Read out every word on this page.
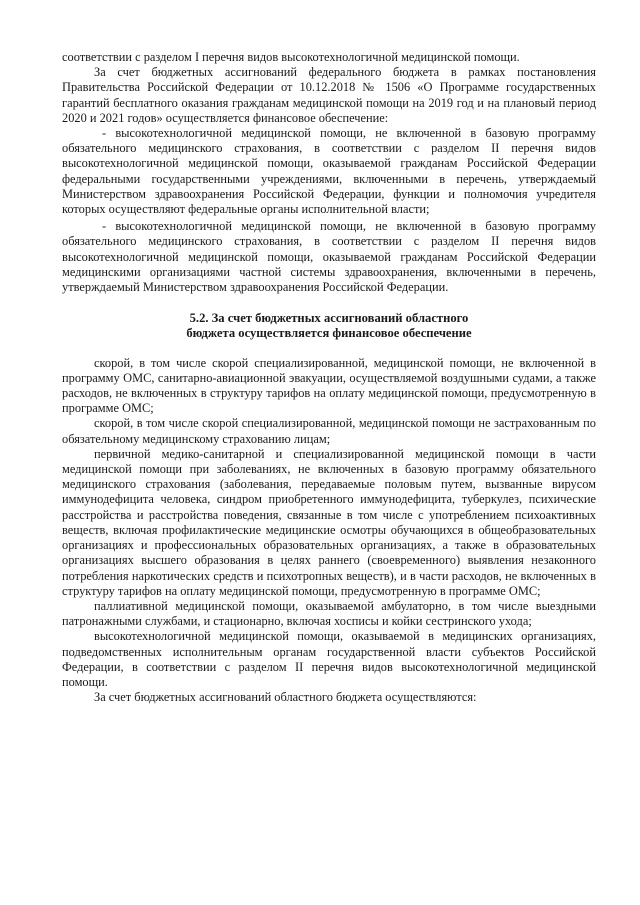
соответствии с разделом I перечня видов высокотехнологичной медицинской помощи.

За счет бюджетных ассигнований федерального бюджета в рамках постановления Правительства Российской Федерации от 10.12.2018 № 1506 «О Программе государственных гарантий бесплатного оказания гражданам медицинской помощи на 2019 год и на плановый период 2020 и 2021 годов» осуществляется финансовое обеспечение:

- высокотехнологичной медицинской помощи, не включенной в базовую программу обязательного медицинского страхования, в соответствии с разделом II перечня видов высокотехнологичной медицинской помощи, оказываемой гражданам Российской Федерации федеральными государственными учреждениями, включенными в перечень, утверждаемый Министерством здравоохранения Российской Федерации, функции и полномочия учредителя которых осуществляют федеральные органы исполнительной власти;

- высокотехнологичной медицинской помощи, не включенной в базовую программу обязательного медицинского страхования, в соответствии с разделом II перечня видов высокотехнологичной медицинской помощи, оказываемой гражданам Российской Федерации медицинскими организациями частной системы здравоохранения, включенными в перечень, утверждаемый Министерством здравоохранения Российской Федерации.

5.2. За счет бюджетных ассигнований областного
бюджета осуществляется финансовое обеспечение

скорой, в том числе скорой специализированной, медицинской помощи, не включенной в программу ОМС, санитарно-авиационной эвакуации, осуществляемой воздушными судами, а также расходов, не включенных в структуру тарифов на оплату медицинской помощи, предусмотренную в программе ОМС;

скорой, в том числе скорой специализированной, медицинской помощи не застрахованным по обязательному медицинскому страхованию лицам;

первичной медико-санитарной и специализированной медицинской помощи в части медицинской помощи при заболеваниях, не включенных в базовую программу обязательного медицинского страхования (заболевания, передаваемые половым путем, вызванные вирусом иммунодефицита человека, синдром приобретенного иммунодефицита, туберкулез, психические расстройства и расстройства поведения, связанные в том числе с употреблением психоактивных веществ, включая профилактические медицинские осмотры обучающихся в общеобразовательных организациях и профессиональных образовательных организациях, а также в образовательных организациях высшего образования в целях раннего (своевременного) выявления незаконного потребления наркотических средств и психотропных веществ), и в части расходов, не включенных в структуру тарифов на оплату медицинской помощи, предусмотренную в программе ОМС;

паллиативной медицинской помощи, оказываемой амбулаторно, в том числе выездными патронажными службами, и стационарно, включая хосписы и койки сестринского ухода;

высокотехнологичной медицинской помощи, оказываемой в медицинских организациях, подведомственных исполнительным органам государственной власти субъектов Российской Федерации, в соответствии с разделом II перечня видов высокотехнологичной медицинской помощи.

За счет бюджетных ассигнований областного бюджета осуществляются:
